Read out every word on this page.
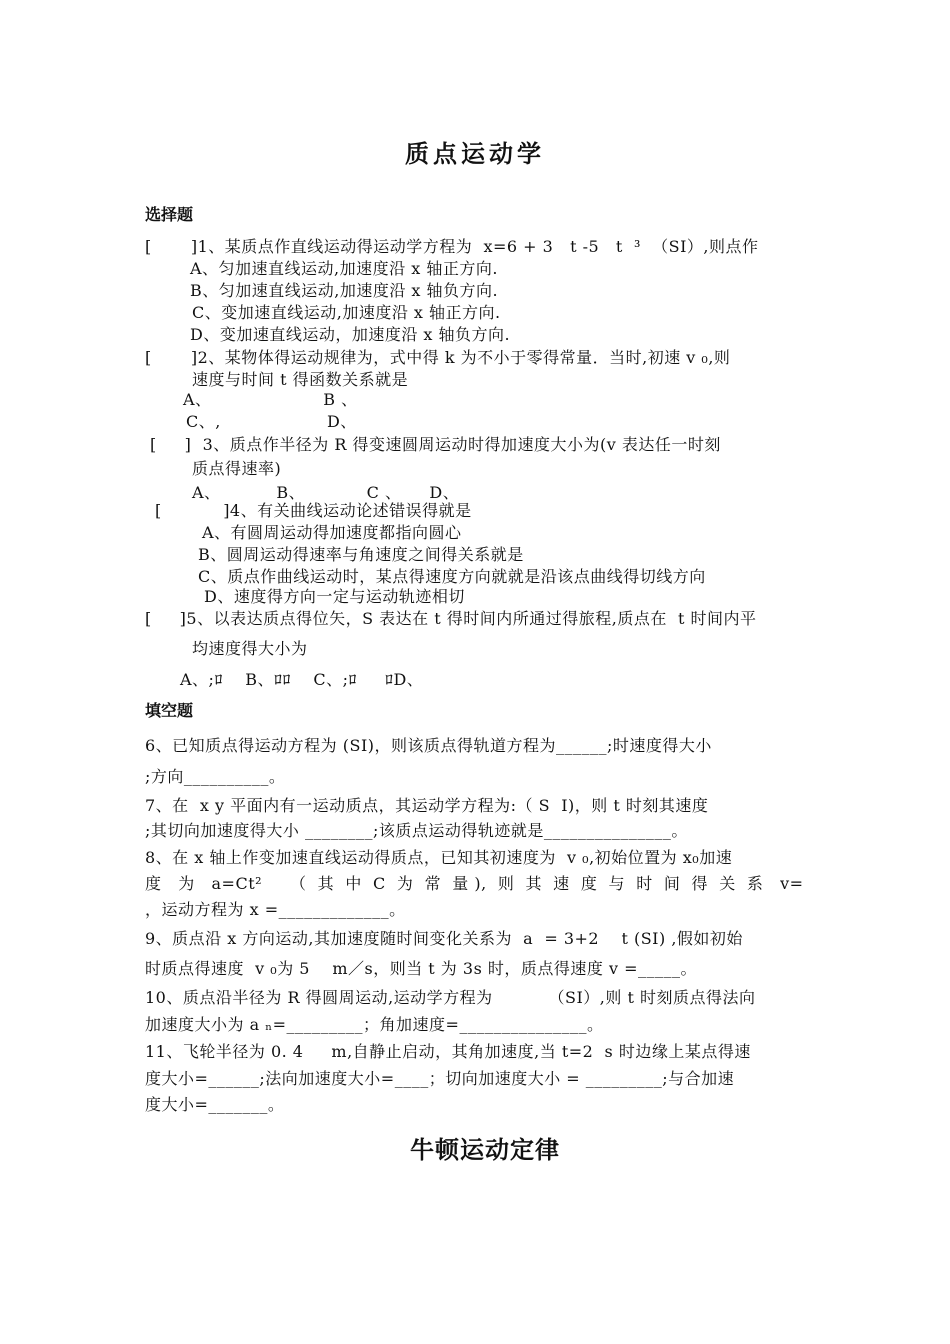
质点运动学
选择题
[       ]1、某质点作直线运动得运动学方程为  x=6 + 3   t -5   t  ³  （SI）,则点作
A、匀加速直线运动,加速度沿 x 轴正方向.
B、匀加速直线运动,加速度沿 x 轴负方向.
C、变加速直线运动,加速度沿 x 轴正方向.
D、变加速直线运动，加速度沿 x 轴负方向.
[       ]2、某物体得运动规律为，式中得 k 为不小于零得常量．当时,初速 v ₀,则
速度与时间 t 得函数关系就是
A、                    B 、
C、,                   D、
[     ]  3、质点作半径为 R 得变速圆周运动时得加速度大小为(v 表达任一时刻
质点得速率)
A、          B、           C 、     D、
[           ]4、有关曲线运动论述错误得就是
A、有圆周运动得加速度都指向圆心
B、圆周运动得速率与角速度之间得关系就是
C、质点作曲线运动时，某点得速度方向就就是沿该点曲线得切线方向
D、速度得方向一定与运动轨迹相切
[     ]5、以表达质点得位矢，S 表达在 t 得时间内所通过得旅程,质点在  t 时间内平
均速度得大小为
A、;ﾛ    B、ﾛﾛ    C、;ﾛ     ﾛD、
填空题
6、已知质点得运动方程为 (SI)，则该质点得轨道方程为______;时速度得大小
;方向__________。
7、在  x y 平面内有一运动质点，其运动学方程为:（ S  I)，则 t 时刻其速度
;其切向加速度得大小 ________;该质点运动得轨迹就是_______________。
8、在 x 轴上作变加速直线运动得质点，已知其初速度为  v ₀,初始位置为 x₀加速
度   为   a=Ct²     （  其  中  C  为  常  量 ),  则  其  速  度  与  时  间  得  关  系   v=
，运动方程为 x =_____________。
9、质点沿 x 方向运动,其加速度随时间变化关系为  a  = 3+2    t (SI) ,假如初始
时质点得速度  v ₀为 5    m／s，则当 t 为 3s 时，质点得速度 v =_____。
10、质点沿半径为 R 得圆周运动,运动学方程为          （SI）,则 t 时刻质点得法向
加速度大小为 a ₙ=_________；角加速度=_______________。
11、飞轮半径为 0. 4     m,自静止启动，其角加速度,当 t=2  s 时边缘上某点得速
度大小=______;法向加速度大小=____；切向加速度大小 = _________;与合加速
度大小=_______。
牛顿运动定律
